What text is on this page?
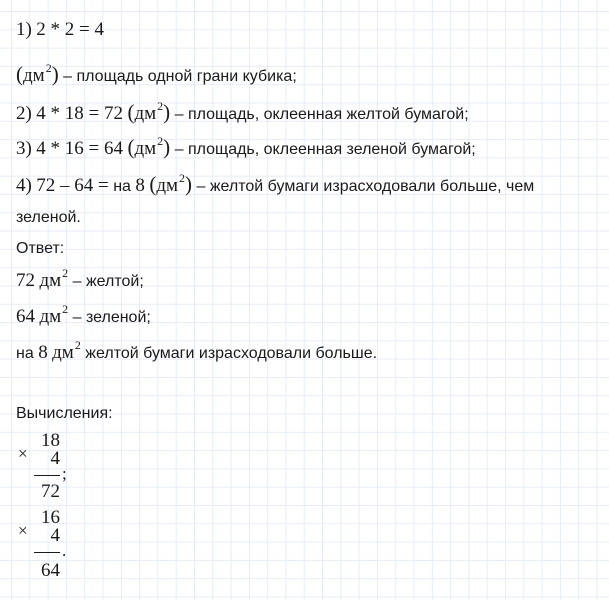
1) 2 * 2 = 4
$(дм^2)$ – площадь одной грани кубика;
2) 4 * 18 = 72 $(дм^2)$ – площадь, оклеенная желтой бумагой;
3) 4 * 16 = 64 $(дм^2)$ – площадь, оклеенная зеленой бумагой;
4) 72 – 64 = на 8 $(дм^2)$ – желтой бумаги израсходовали больше, чем
зеленой.
Ответ:
72 $дм^2$ – желтой;
64 $дм^2$ – зеленой;
на 8 $дм^2$ желтой бумаги израсходовали больше.
Вычисления:
×
18
4
;
72
×
16
4
.
64
